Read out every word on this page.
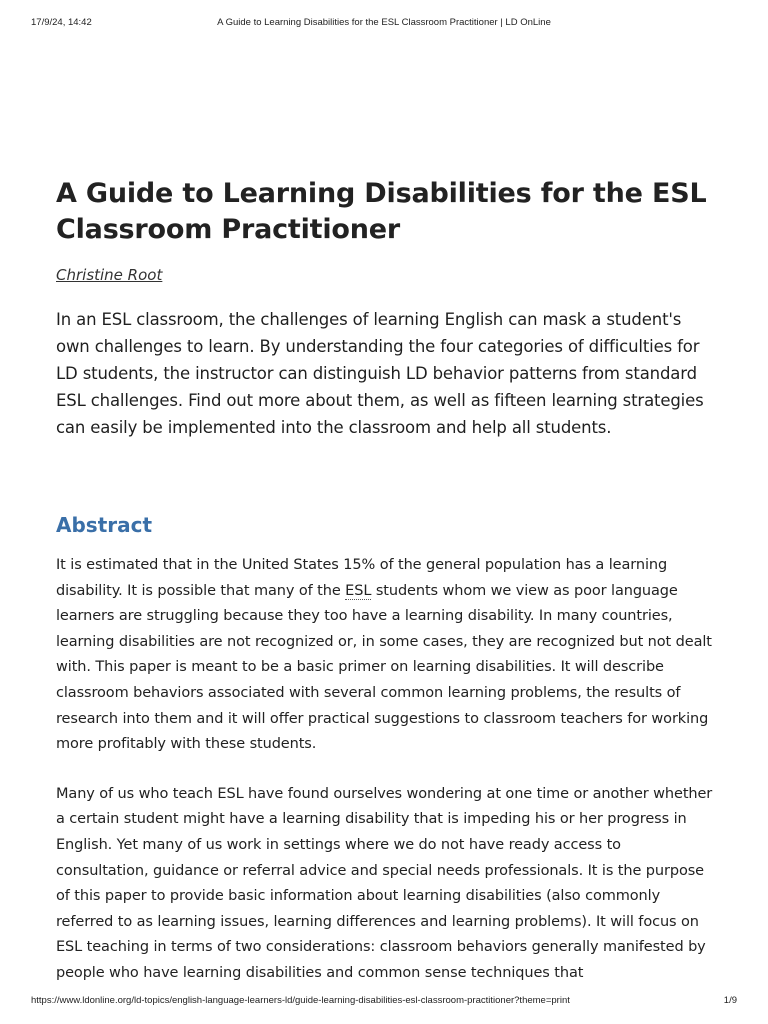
17/9/24, 14:42	A Guide to Learning Disabilities for the ESL Classroom Practitioner | LD OnLine
A Guide to Learning Disabilities for the ESL Classroom Practitioner
Christine Root

In an ESL classroom, the challenges of learning English can mask a student's own challenges to learn. By understanding the four categories of difficulties for LD students, the instructor can distinguish LD behavior patterns from standard ESL challenges. Find out more about them, as well as fifteen learning strategies can easily be implemented into the classroom and help all students.

Abstract

It is estimated that in the United States 15% of the general population has a learning disability. It is possible that many of the ESL students whom we view as poor language learners are struggling because they too have a learning disability. In many countries, learning disabilities are not recognized or, in some cases, they are recognized but not dealt with. This paper is meant to be a basic primer on learning disabilities. It will describe classroom behaviors associated with several common learning problems, the results of research into them and it will offer practical suggestions to classroom teachers for working more profitably with these students.

Many of us who teach ESL have found ourselves wondering at one time or another whether a certain student might have a learning disability that is impeding his or her progress in English. Yet many of us work in settings where we do not have ready access to consultation, guidance or referral advice and special needs professionals. It is the purpose of this paper to provide basic information about learning disabilities (also commonly referred to as learning issues, learning differences and learning problems). It will focus on ESL teaching in terms of two considerations: classroom behaviors generally manifested by people who have learning disabilities and common sense techniques that

https://www.ldonline.org/ld-topics/english-language-learners-ld/guide-learning-disabilities-esl-classroom-practitioner?theme=print	1/9
